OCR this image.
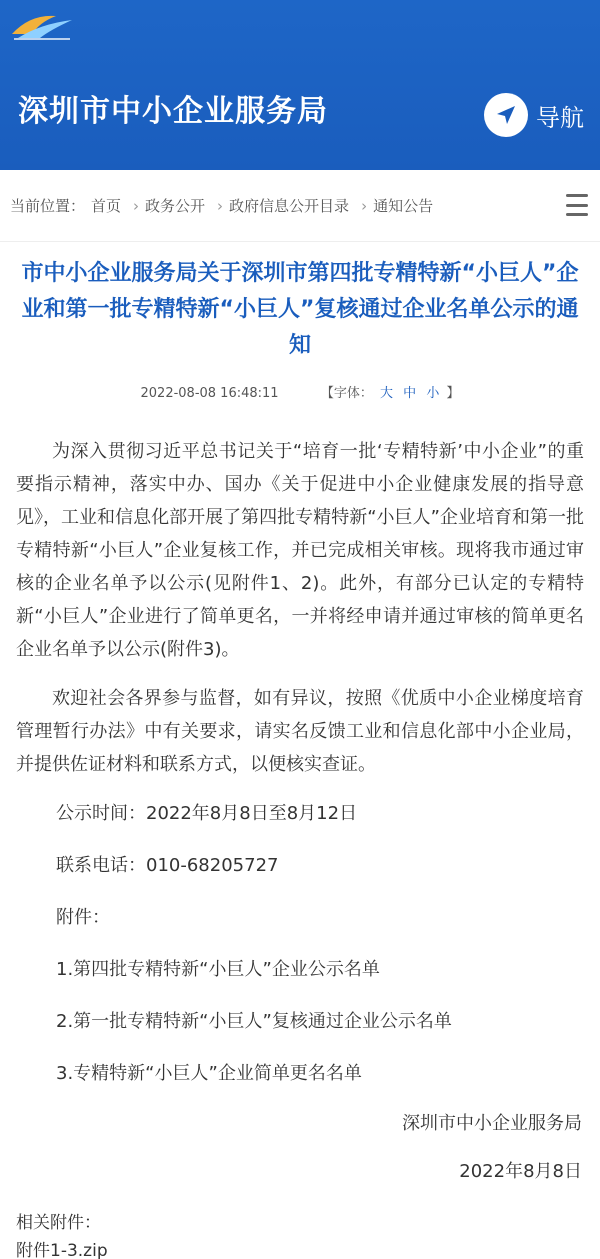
深圳市中小企业服务局	导航
当前位置： 首页 › 政务公开 › 政府信息公开目录 › 通知公告
市中小企业服务局关于深圳市第四批专精特新“小巨人”企业和第一批专精特新“小巨人”复核通过企业名单公示的通知
2022-08-08 16:48:11	【字体： 大 中 小 】

为深入贯彻习近平总书记关于“培育一批‘专精特新’中小企业”的重要指示精神，落实中办、国办《关于促进中小企业健康发展的指导意见》，工业和信息化部开展了第四批专精特新“小巨人”企业培育和第一批专精特新“小巨人”企业复核工作，并已完成相关审核。现将我市通过审核的企业名单予以公示(见附件1、2)。此外，有部分已认定的专精特新“小巨人”企业进行了简单更名，一并将经申请并通过审核的简单更名企业名单予以公示(附件3)。

欢迎社会各界参与监督，如有异议，按照《优质中小企业梯度培育管理暂行办法》中有关要求，请实名反馈工业和信息化部中小企业局，并提供佐证材料和联系方式，以便核实查证。

公示时间：2022年8月8日至8月12日

联系电话：010-68205727

附件：

1.第四批专精特新“小巨人”企业公示名单

2.第一批专精特新“小巨人”复核通过企业公示名单

3.专精特新“小巨人”企业简单更名名单

深圳市中小企业服务局
2022年8月8日
相关附件：
附件1-3.zip
